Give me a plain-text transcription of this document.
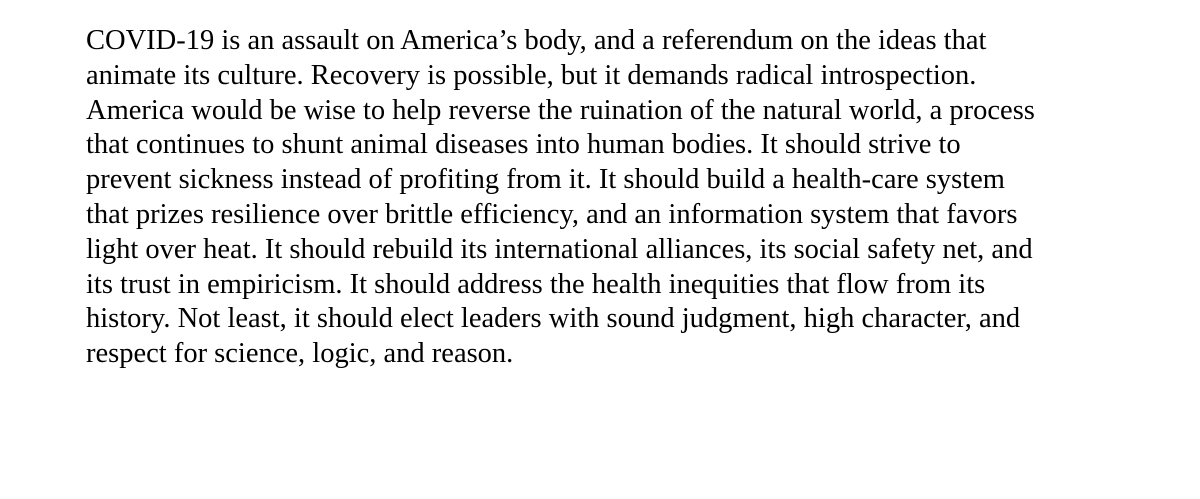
COVID-19 is an assault on America’s body, and a referendum on the ideas that
animate its culture. Recovery is possible, but it demands radical introspection.
America would be wise to help reverse the ruination of the natural world, a process
that continues to shunt animal diseases into human bodies. It should strive to
prevent sickness instead of profiting from it. It should build a health-care system
that prizes resilience over brittle efficiency, and an information system that favors
light over heat. It should rebuild its international alliances, its social safety net, and
its trust in empiricism. It should address the health inequities that flow from its
history. Not least, it should elect leaders with sound judgment, high character, and
respect for science, logic, and reason.
